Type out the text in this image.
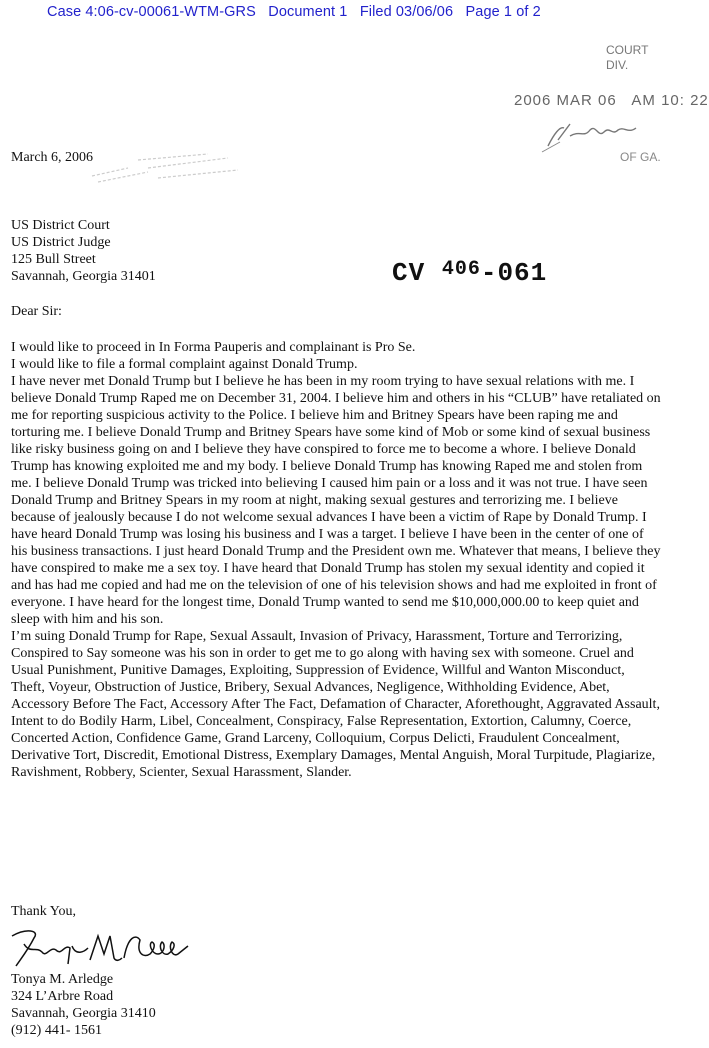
Case 4:06-cv-00061-WTM-GRS   Document 1   Filed 03/06/06   Page 1 of 2
COURT
DIV.
2006 MAR 06   AM 10: 22
OF GA.
March 6, 2006
US District Court
US District Judge
125 Bull Street
Savannah, Georgia 31401	CV $^{406}$-061
Dear Sir:

I would like to proceed in In Forma Pauperis and complainant is Pro Se.

I would like to file a formal complaint against Donald Trump.

I have never met Donald Trump but I believe he has been in my room trying to have sexual relations with me. I believe Donald Trump Raped me on December 31, 2004. I believe him and others in his “CLUB” have retaliated on me for reporting suspicious activity to the Police. I believe him and Britney Spears have been raping me and torturing me. I believe Donald Trump and Britney Spears have some kind of Mob or some kind of sexual business like risky business going on and I believe they have conspired to force me to become a whore. I believe Donald Trump has knowing exploited me and my body. I believe Donald Trump has knowing Raped me and stolen from me. I believe Donald Trump was tricked into believing I caused him pain or a loss and it was not true. I have seen Donald Trump and Britney Spears in my room at night, making sexual gestures and terrorizing me. I believe because of jealously because I do not welcome sexual advances I have been a victim of Rape by Donald Trump. I have heard Donald Trump was losing his business and I was a target. I believe I have been in the center of one of his business transactions. I just heard Donald Trump and the President own me. Whatever that means, I believe they have conspired to make me a sex toy. I have heard that Donald Trump has stolen my sexual identity and copied it and has had me copied and had me on the television of one of his television shows and had me exploited in front of everyone. I have heard for the longest time, Donald Trump wanted to send me $10,000,000.00 to keep quiet and sleep with him and his son.

I’m suing Donald Trump for Rape, Sexual Assault, Invasion of Privacy, Harassment, Torture and Terrorizing, Conspired to Say someone was his son in order to get me to go along with having sex with someone. Cruel and Usual Punishment, Punitive Damages, Exploiting, Suppression of Evidence, Willful and Wanton Misconduct, Theft, Voyeur, Obstruction of Justice, Bribery, Sexual Advances, Negligence, Withholding Evidence, Abet, Accessory Before The Fact, Accessory After The Fact, Defamation of Character, Aforethought, Aggravated Assault, Intent to do Bodily Harm, Libel, Concealment, Conspiracy, False Representation, Extortion, Calumny, Coerce, Concerted Action, Confidence Game, Grand Larceny, Colloquium, Corpus Delicti, Fraudulent Concealment, Derivative Tort, Discredit, Emotional Distress, Exemplary Damages, Mental Anguish, Moral Turpitude, Plagiarize, Ravishment, Robbery, Scienter, Sexual Harassment, Slander.

Thank You,
Tonya M. Arledge
324 L’Arbre Road
Savannah, Georgia 31410
(912) 441- 1561
